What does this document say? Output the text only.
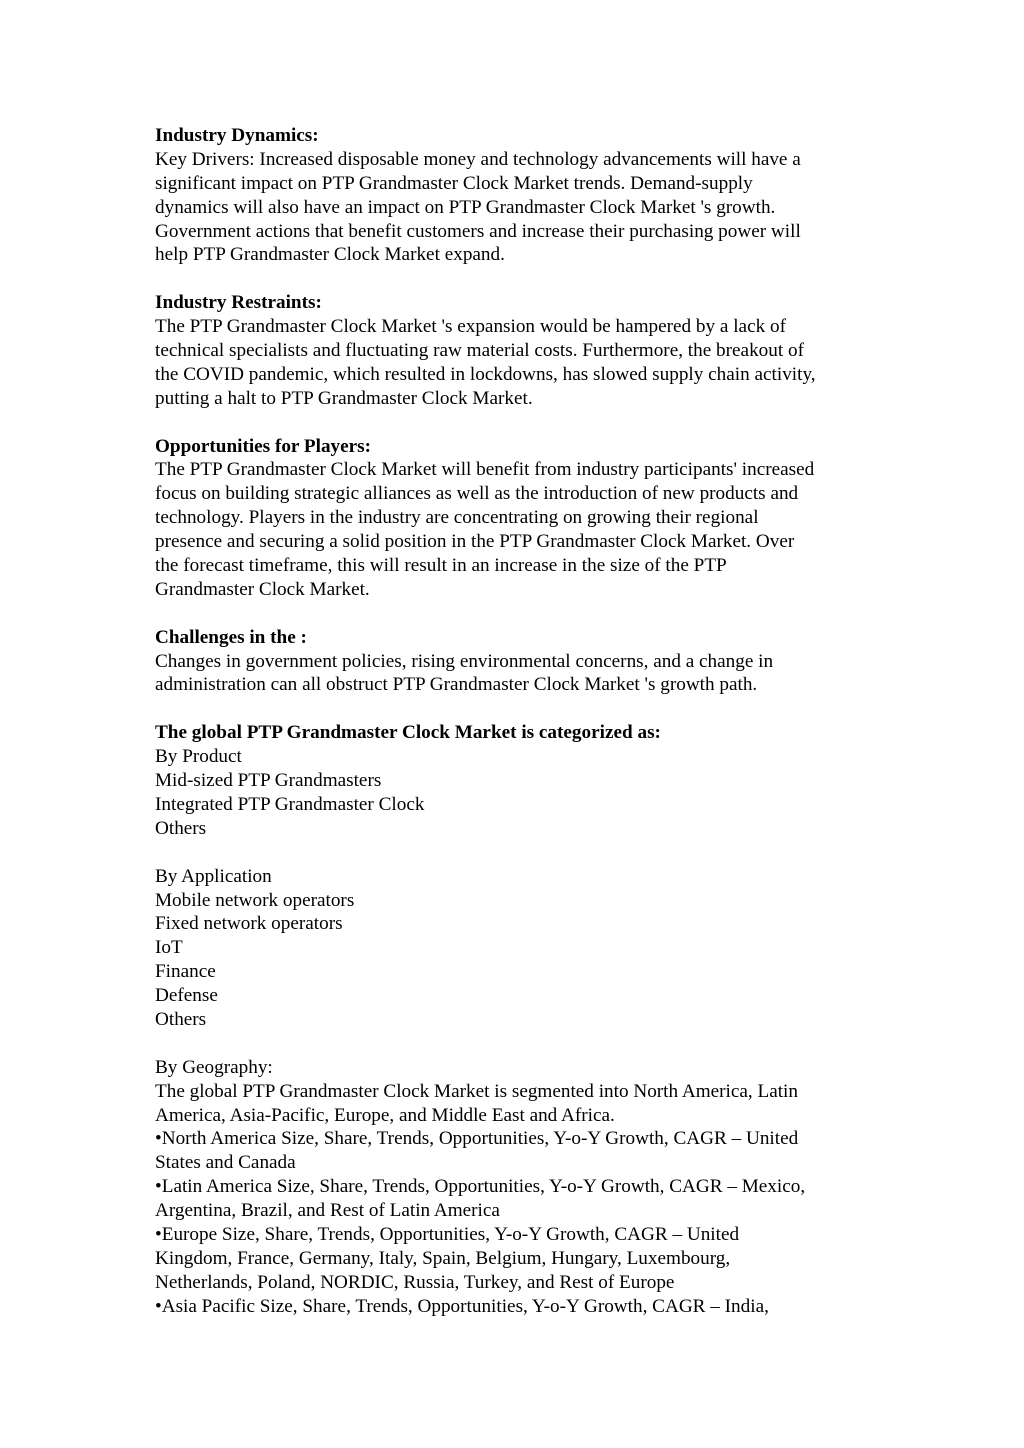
Industry Dynamics:
Key Drivers: Increased disposable money and technology advancements will have a
significant impact on PTP Grandmaster Clock Market trends. Demand-supply
dynamics will also have an impact on PTP Grandmaster Clock Market 's growth.
Government actions that benefit customers and increase their purchasing power will
help PTP Grandmaster Clock Market expand.
Industry Restraints:
The PTP Grandmaster Clock Market 's expansion would be hampered by a lack of
technical specialists and fluctuating raw material costs. Furthermore, the breakout of
the COVID pandemic, which resulted in lockdowns, has slowed supply chain activity,
putting a halt to PTP Grandmaster Clock Market.
Opportunities for Players:
The PTP Grandmaster Clock Market will benefit from industry participants' increased
focus on building strategic alliances as well as the introduction of new products and
technology. Players in the industry are concentrating on growing their regional
presence and securing a solid position in the PTP Grandmaster Clock Market. Over
the forecast timeframe, this will result in an increase in the size of the PTP
Grandmaster Clock Market.
Challenges in the :
Changes in government policies, rising environmental concerns, and a change in
administration can all obstruct PTP Grandmaster Clock Market 's growth path.
The global PTP Grandmaster Clock Market is categorized as:
By Product
Mid-sized PTP Grandmasters
Integrated PTP Grandmaster Clock
Others
By Application
Mobile network operators
Fixed network operators
IoT
Finance
Defense
Others
By Geography:
The global PTP Grandmaster Clock Market is segmented into North America, Latin
America, Asia-Pacific, Europe, and Middle East and Africa.
•North America Size, Share, Trends, Opportunities, Y-o-Y Growth, CAGR – United
States and Canada
•Latin America Size, Share, Trends, Opportunities, Y-o-Y Growth, CAGR – Mexico,
Argentina, Brazil, and Rest of Latin America
•Europe Size, Share, Trends, Opportunities, Y-o-Y Growth, CAGR – United
Kingdom, France, Germany, Italy, Spain, Belgium, Hungary, Luxembourg,
Netherlands, Poland, NORDIC, Russia, Turkey, and Rest of Europe
•Asia Pacific Size, Share, Trends, Opportunities, Y-o-Y Growth, CAGR – India,
